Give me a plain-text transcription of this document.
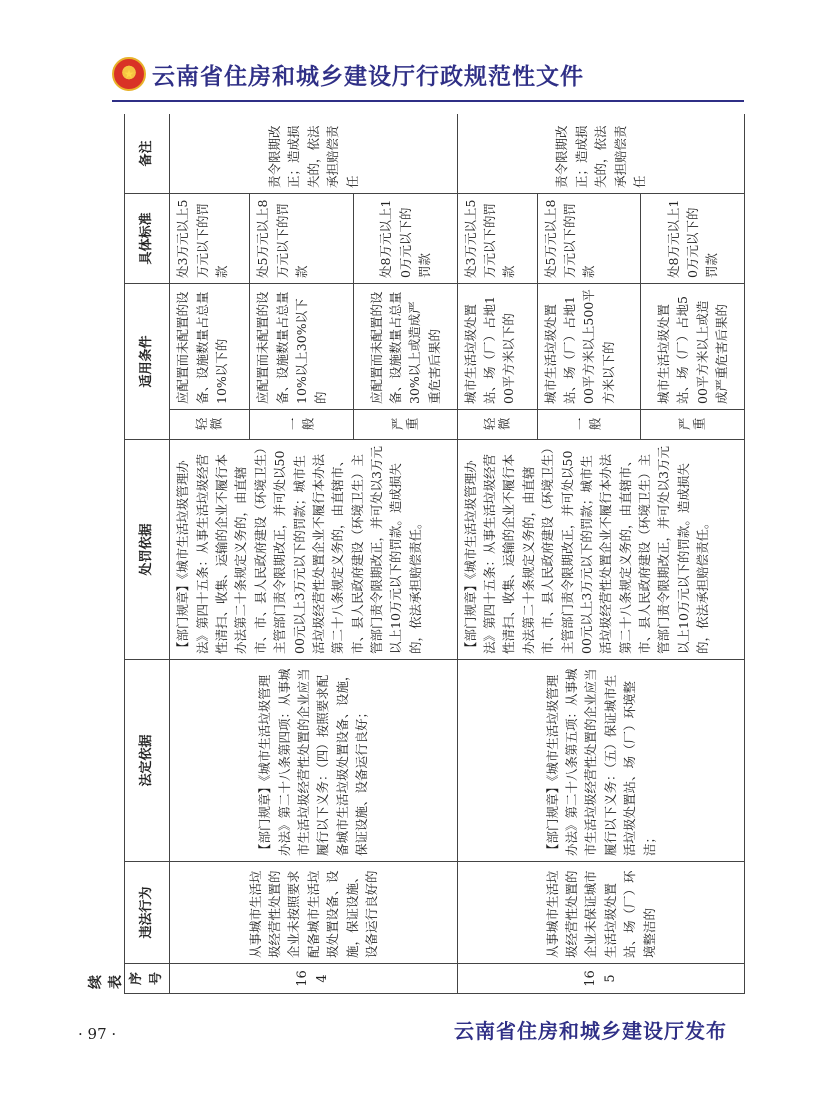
★ 云南省住房和城乡建设厅行政规范性文件
序号	违法行为	法定依据	处罚依据	适用条件		具体标准	备注
164	从事城市生活垃圾经营性处置的企业未按照要求配备城市生活垃圾处置设备、设施，保证设施、设备运行良好的	【部门规章】《城市生活垃圾管理办法》第二十八条第四项：从事城市生活垃圾经营性处置的企业应当履行以下义务：（四）按照要求配备城市生活垃圾处置设备、设施，保证设施、设备运行良好；	【部门规章】《城市生活垃圾管理办法》第四十五条：从事生活垃圾经营性清扫、收集、运输的企业不履行本办法第二十条规定义务的，由直辖市、市、县人民政府建设（环境卫生）主管部门责令限期改正，并可处以5000元以上3万元以下的罚款；城市生活垃圾经营性处置企业不履行本办法第二十八条规定义务的，由直辖市、市、县人民政府建设（环境卫生）主管部门责令限期改正，并可处以3万元以上10万元以下的罚款。造成损失的，依法承担赔偿责任。	轻微	应配置而未配置的设备、设施数量占总量10%以下的	处3万元以上5万元以下的罚款	责令限期改正；造成损失的，依法承担赔偿责任
				一般	应配置而未配置的设备、设施数量占总量10%以上30%以下的	处5万元以上8万元以下的罚款	
				严重	应配置而未配置的设备、设施数量占总量30%以上或造成严重危害后果的	处8万元以上10万元以下的罚款	
165	从事城市生活垃圾经营性处置的企业未保证城市生活垃圾处置站、场（厂）环境整洁的	【部门规章】《城市生活垃圾管理办法》第二十八条第五项：从事城市生活垃圾经营性处置的企业应当履行以下义务：（五）保证城市生活垃圾处置站、场（厂）环境整洁；	【部门规章】《城市生活垃圾管理办法》第四十五条：从事生活垃圾经营性清扫、收集、运输的企业不履行本办法第二十条规定义务的，由直辖市、市、县人民政府建设（环境卫生）主管部门责令限期改正，并可处以5000元以上3万元以下的罚款；城市生活垃圾经营性处置企业不履行本办法第二十八条规定义务的，由直辖市、市、县人民政府建设（环境卫生）主管部门责令限期改正，并可处以3万元以上10万元以下的罚款。造成损失的，依法承担赔偿责任。	轻微	城市生活垃圾处置站、场（厂）占地100平方米以下的	处3万元以上5万元以下的罚款	责令限期改正；造成损失的，依法承担赔偿责任
				一般	城市生活垃圾处置站、场（厂）占地100平方米以上500平方米以下的	处5万元以上8万元以下的罚款	
				严重	城市生活垃圾处置站、场（厂）占地500平方米以上或造成严重危害后果的	处8万元以上10万元以下的罚款	
续表
· 97 ·	云南省住房和城乡建设厅发布
